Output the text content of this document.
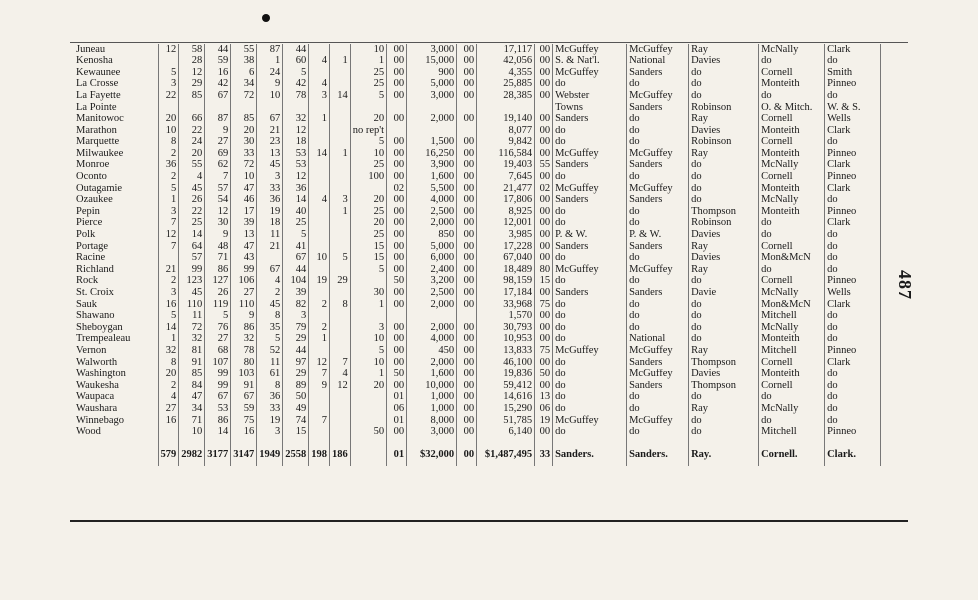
Juneau	12	58	44	55	87	44			10	00	3,000	00	17,117	00	McGuffey	McGuffey	Ray	McNally	Clark
Kenosha		28	59	38	1	60	4	1	1	00	15,000	00	42,056	00	S. & Nat'l.	National	Davies	do	do
Kewaunee	5	12	16	6	24	5			25	00	900	00	4,355	00	McGuffey	Sanders	do	Cornell	Smith
La Crosse	3	29	42	34	9	42	4		25	00	5,000	00	25,885	00	do	do	do	Monteith	Pinneo
La Fayette	22	85	67	72	10	78	3	14	5	00	3,000	00	28,385	00	Webster	McGuffey	do	do	do
La Pointe															Towns	Sanders	Robinson	O. & Mitch.	W. & S.
Manitowoc	20	66	87	85	67	32	1		20	00	2,000	00	19,140	00	Sanders	do	Ray	Cornell	Wells
Marathon	10	22	9	20	21	12			no rep't				8,077	00	do	do	Davies	Monteith	Clark
Marquette	8	24	27	30	23	18			5	00	1,500	00	9,842	00	do	do	Robinson	Cornell	do
Milwaukee	2	20	69	33	13	53	14	1	10	00	16,250	00	116,584	00	McGuffey	McGuffey	Ray	Monteith	Pinneo
Monroe	36	55	62	72	45	53			25	00	3,900	00	19,403	55	Sanders	Sanders	do	McNally	Clark
Oconto	2	4	7	10	3	12			100	00	1,600	00	7,645	00	do	do	do	Cornell	Pinneo
Outagamie	5	45	57	47	33	36				02	5,500	00	21,477	02	McGuffey	McGuffey	do	Monteith	Clark
Ozaukee	1	26	54	46	36	14	4	3	20	00	4,000	00	17,806	00	Sanders	Sanders	do	McNally	do
Pepin	3	22	12	17	19	40		1	25	00	2,500	00	8,925	00	do	do	Thompson	Monteith	Pinneo
Pierce	7	25	30	39	18	25			20	00	2,000	00	12,001	00	do	do	Robinson	do	Clark
Polk	12	14	9	13	11	5			25	00	850	00	3,985	00	P. & W.	P. & W.	Davies	do	do
Portage	7	64	48	47	21	41			15	00	5,000	00	17,228	00	Sanders	Sanders	Ray	Cornell	do
Racine		57	71	43		67	10	5	15	00	6,000	00	67,040	00	do	do	Davies	Mon&McN	do
Richland	21	99	86	99	67	44			5	00	2,400	00	18,489	80	McGuffey	McGuffey	Ray	do	do
Rock	2	123	127	106	4	104	19	29		50	3,200	00	98,159	15	do	do	do	Cornell	Pinneo
St. Croix	3	45	26	27	2	39			30	00	2,500	00	17,184	00	Sanders	Sanders	Davie	McNally	Wells
Sauk	16	110	119	110	45	82	2	8	1	00	2,000	00	33,968	75	do	do	do	Mon&McN	Clark
Shawano	5	11	5	9	8	3							1,570	00	do	do	do	Mitchell	do
Sheboygan	14	72	76	86	35	79	2		3	00	2,000	00	30,793	00	do	do	do	McNally	do
Trempealeau	1	32	27	32	5	29	1		10	00	4,000	00	10,953	00	do	National	do	Monteith	do
Vernon	32	81	68	78	52	44			5	00	450	00	13,833	75	McGuffey	McGuffey	Ray	Mitchell	Pinneo
Walworth	8	91	107	80	11	97	12	7	10	00	2,000	00	46,100	00	do	Sanders	Thompson	Cornell	Clark
Washington	20	85	99	103	61	29	7	4	1	50	1,600	00	19,836	50	do	McGuffey	Davies	Monteith	do
Waukesha	2	84	99	91	8	89	9	12	20	00	10,000	00	59,412	00	do	Sanders	Thompson	Cornell	do
Waupaca	4	47	67	67	36	50				01	1,000	00	14,616	13	do	do	do	do	do
Waushara	27	34	53	59	33	49				06	1,000	00	15,290	06	do	do	Ray	McNally	do
Winnebago	16	71	86	75	19	74	7			01	8,000	00	51,785	19	McGuffey	McGuffey	do	do	do
Wood		10	14	16	3	15			50	00	3,000	00	6,140	00	do	do	do	Mitchell	Pinneo
	579	2982	3177	3147	1949	2558	198	186		01	$32,000	00	$1,487,495	33	Sanders.	Sanders.	Ray.	Cornell.	Clark.
487
